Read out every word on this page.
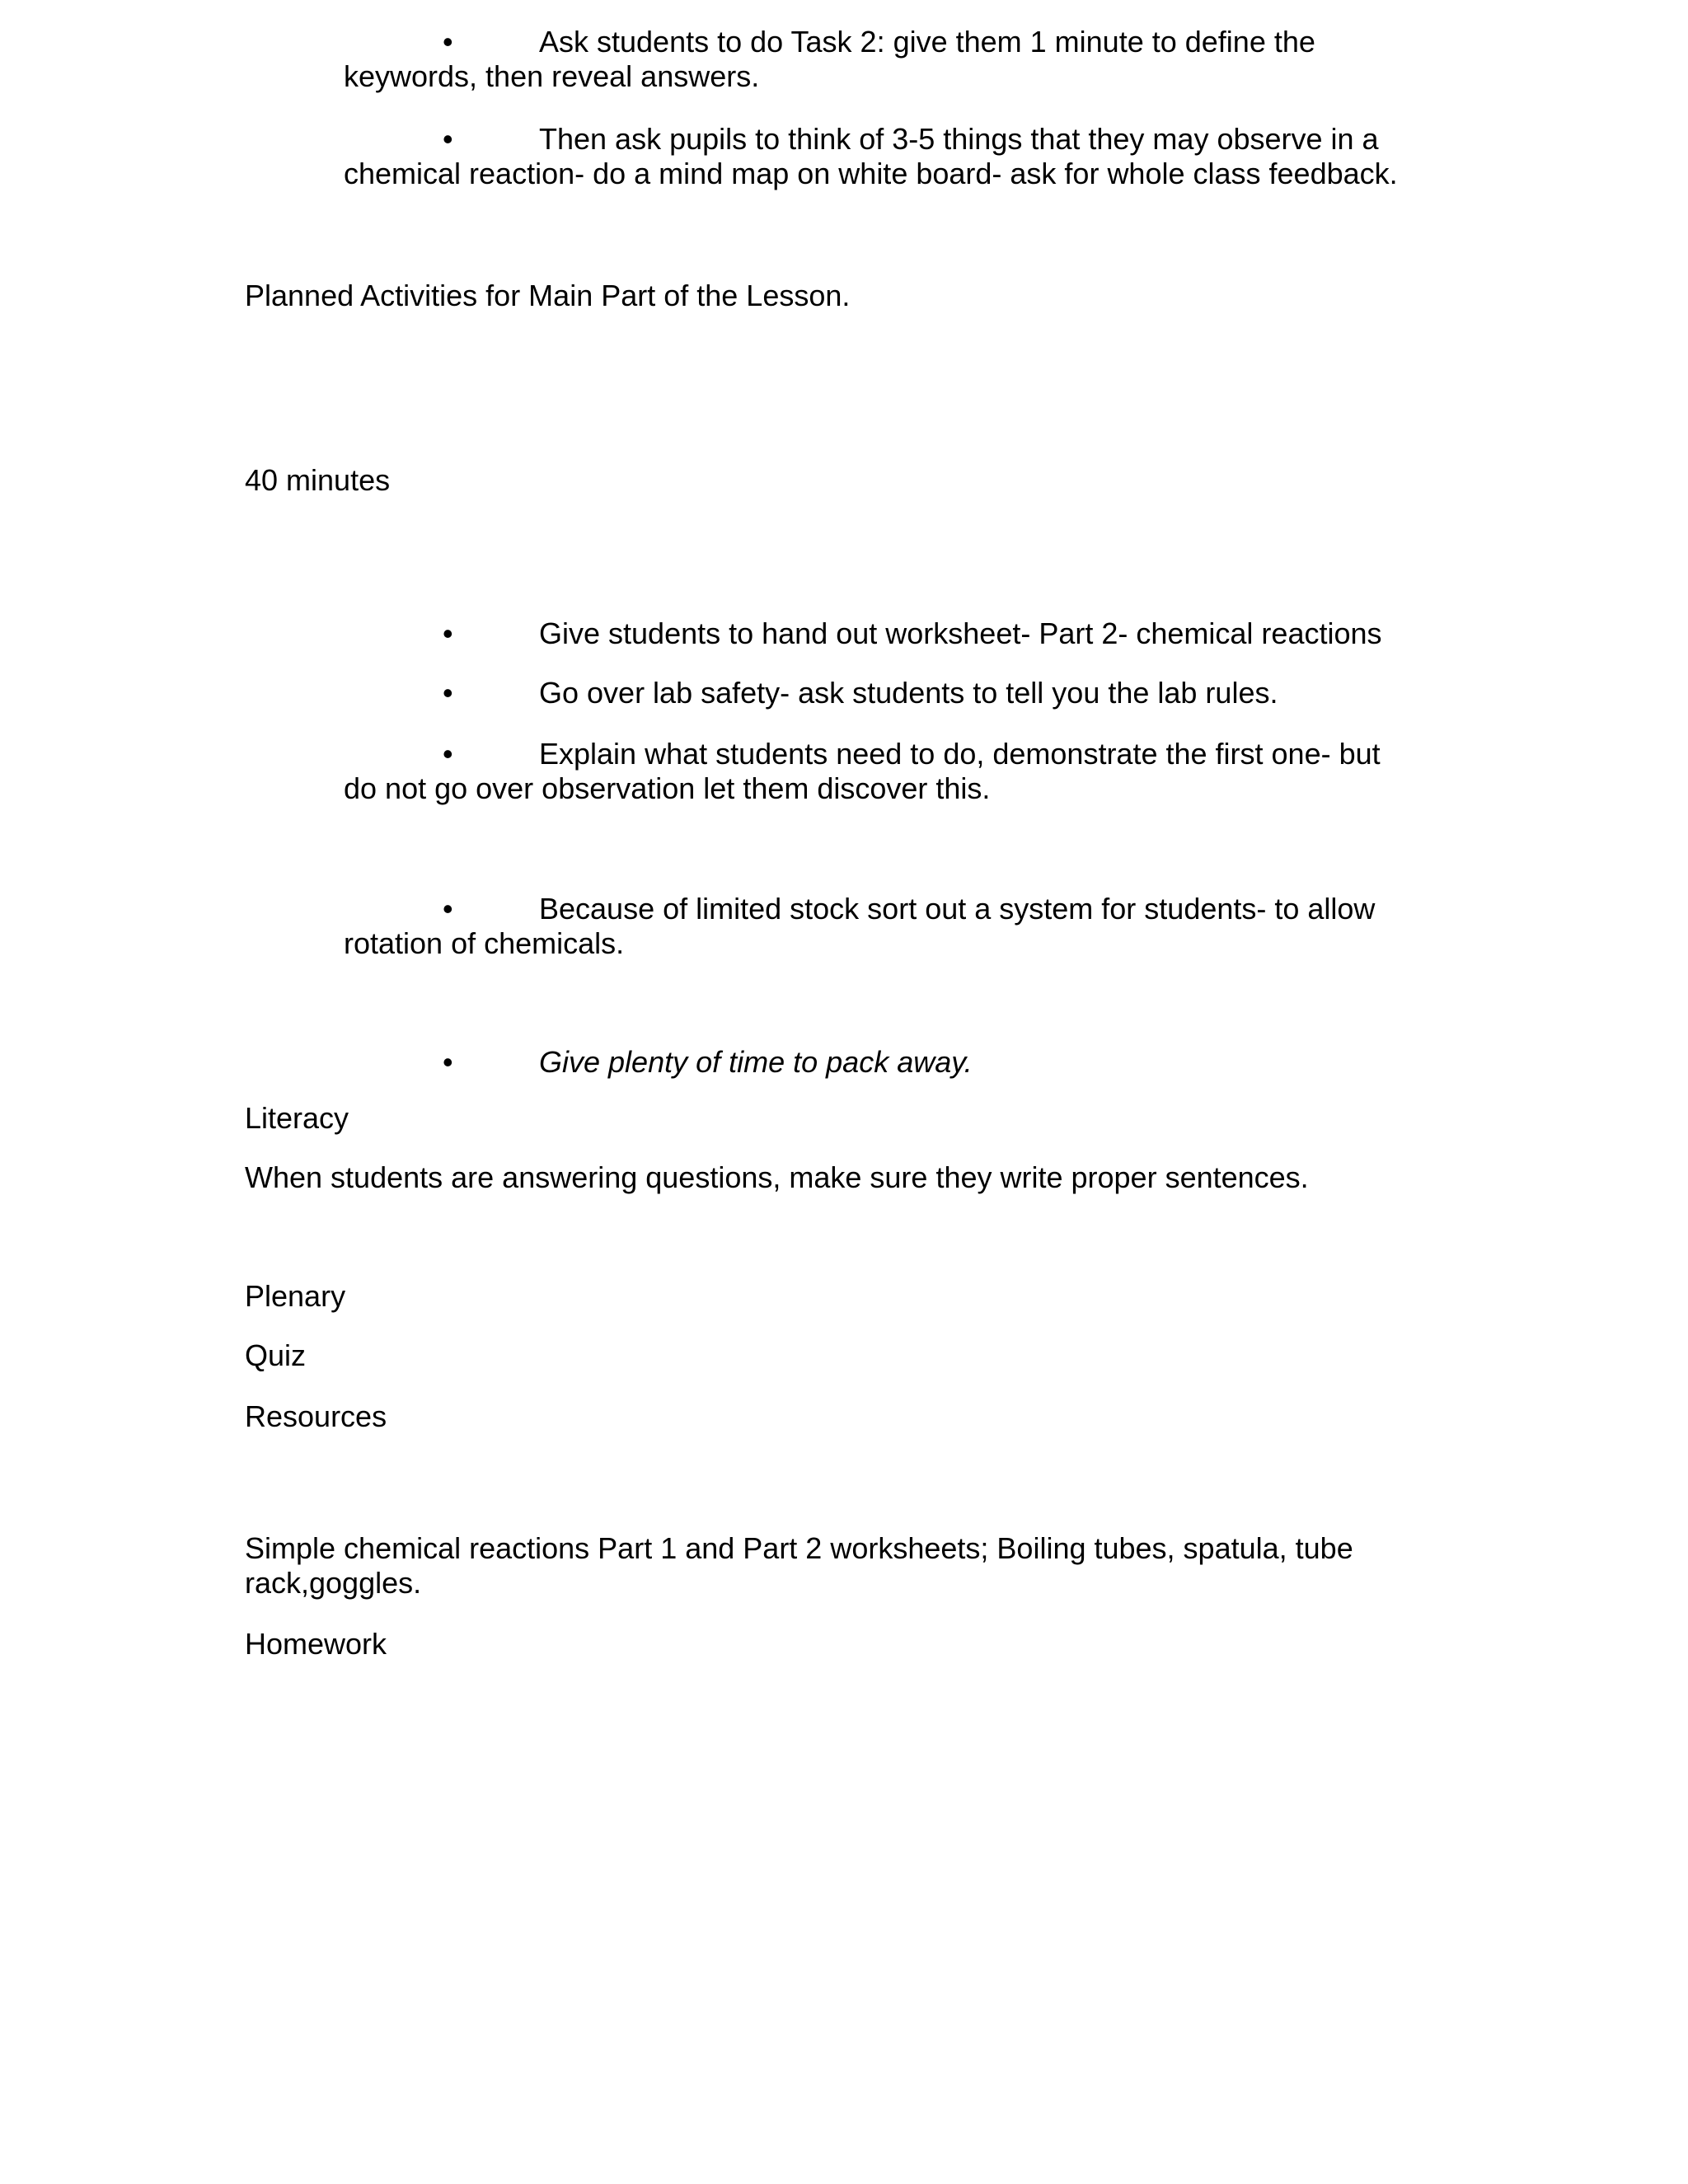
•	Ask students to do Task 2: give them 1 minute to define the
keywords, then reveal answers.
•	Then ask pupils to think of 3-5 things that they may observe in a
chemical reaction- do a mind map on white board- ask for whole class feedback.
Planned Activities for Main Part of the Lesson.
40 minutes
•	Give students to hand out worksheet- Part 2- chemical reactions
•	Go over lab safety- ask students to tell you the lab rules.
•	Explain what students need to do, demonstrate the first one- but
do not go over observation let them discover this.
•	Because of limited stock sort out a system for students- to allow
rotation of chemicals.
•	Give plenty of time to pack away.
Literacy
When students are answering questions, make sure they write proper sentences.
Plenary
Quiz
Resources
Simple chemical reactions Part 1 and Part 2 worksheets; Boiling tubes, spatula, tube
rack,goggles.
Homework
